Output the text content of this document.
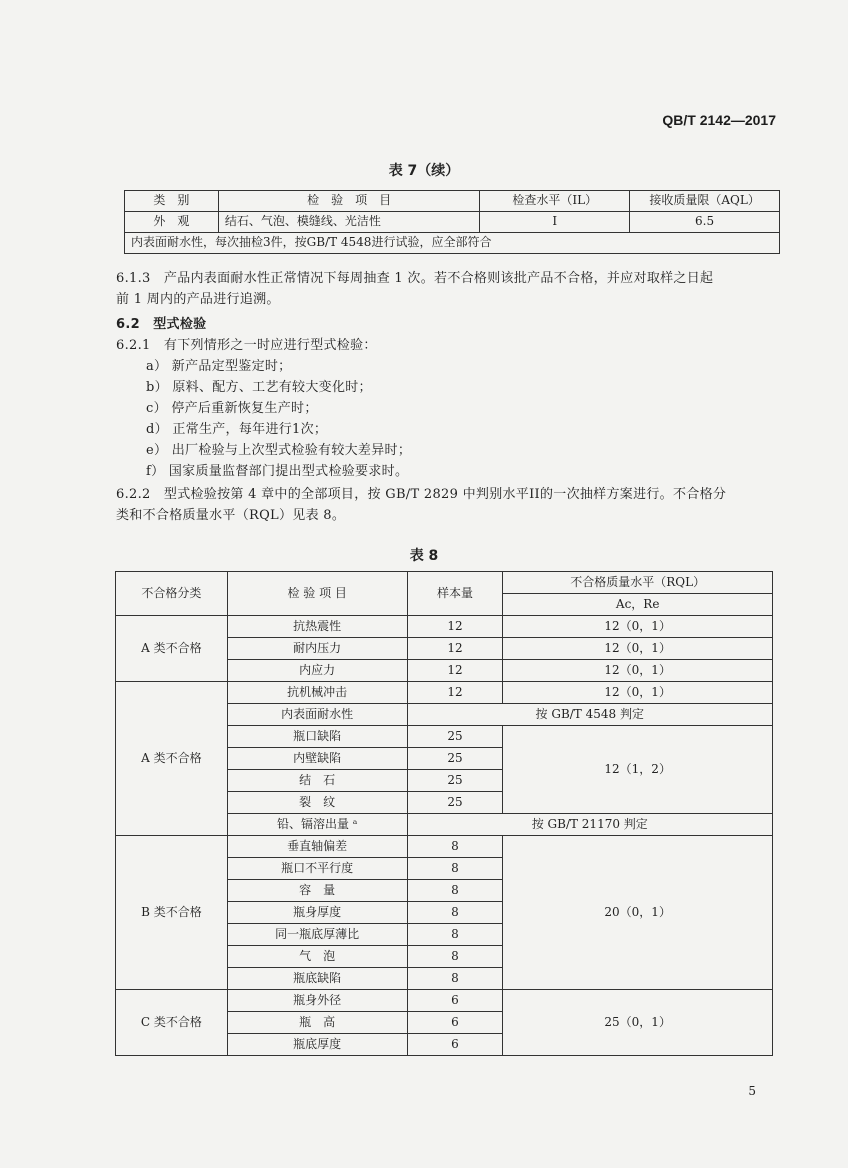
QB/T 2142—2017
表 7（续）
类　别	检　验　项　目	检查水平（IL）	接收质量限（AQL）
外　观	结石、气泡、模缝线、光洁性	I	6.5
内表面耐水性，每次抽检3件，按GB/T 4548进行试验，应全部符合			
6.1.3　 产品内表面耐水性正常情况下每周抽查 1 次。若不合格则该批产品不合格，并应对取样之日起
前 1 周内的产品进行追溯。
6.2　 型式检验
6.2.1　 有下列情形之一时应进行型式检验：
a） 新产品定型鉴定时；
b） 原料、配方、工艺有较大变化时；
c） 停产后重新恢复生产时；
d） 正常生产，每年进行1次；
e） 出厂检验与上次型式检验有较大差异时；
f） 国家质量监督部门提出型式检验要求时。
6.2.2　 型式检验按第 4 章中的全部项目，按 GB/T 2829 中判别水平II的一次抽样方案进行。不合格分
类和不合格质量水平（RQL）见表 8。
表 8
不合格分类	检 验 项 目	样本量	不合格质量水平（RQL）
			Ac，Re
A 类不合格	抗热震性	12	12（0，1）
	耐内压力	12	12（0，1）
	内应力	12	12（0，1）
A 类不合格	抗机械冲击	12	12（0，1）
	内表面耐水性	按 GB/T 4548 判定	
	瓶口缺陷	25	12（1，2）
	内壁缺陷	25	
	结　石	25	
	裂　纹	25	
	铅、镉溶出量 ᵃ	按 GB/T 21170 判定	
B 类不合格	垂直轴偏差	8	20（0，1）
	瓶口不平行度	8	
	容　量	8	
	瓶身厚度	8	
	同一瓶底厚薄比	8	
	气　泡	8	
	瓶底缺陷	8	
C 类不合格	瓶身外径	6	25（0，1）
	瓶　高	6	
	瓶底厚度	6	
5
